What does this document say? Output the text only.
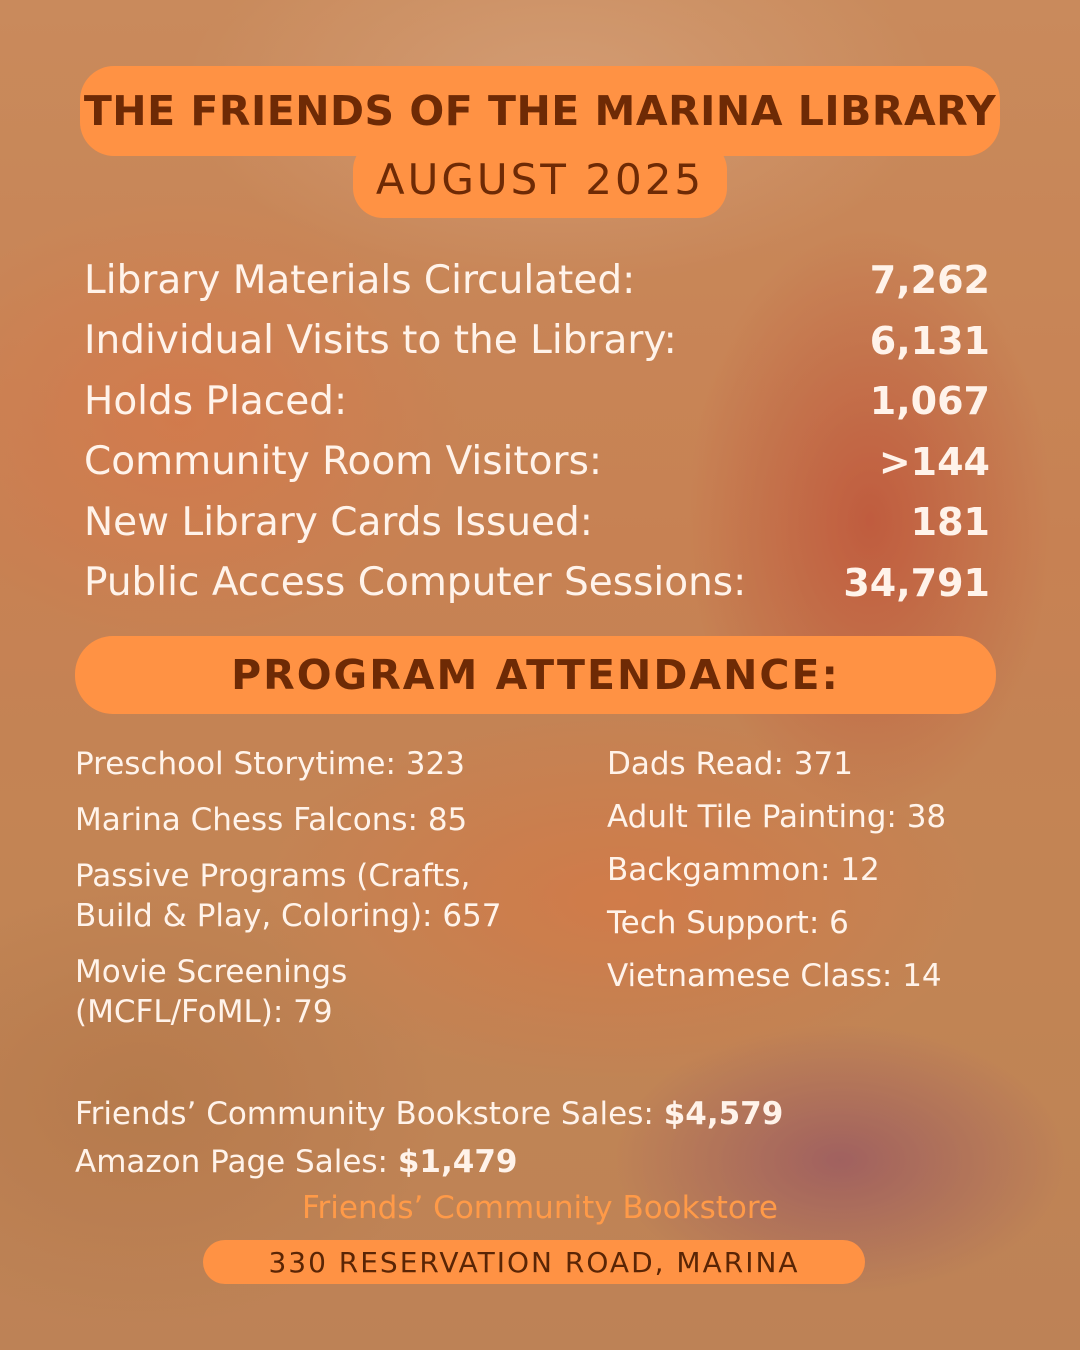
THE FRIENDS OF THE MARINA LIBRARY
AUGUST 2025
Library Materials Circulated:	7,262
Individual Visits to the Library:	6,131
Holds Placed:	1,067
Community Room Visitors:	>144
New Library Cards Issued:	181
Public Access Computer Sessions:	34,791
PROGRAM ATTENDANCE:
Preschool Storytime: 323
Marina Chess Falcons: 85
Passive Programs (Crafts, Build & Play, Coloring): 657
Movie Screenings (MCFL/FoML): 79
Dads Read: 371
Adult Tile Painting: 38
Backgammon: 12
Tech Support: 6
Vietnamese Class: 14
Friends’ Community Bookstore Sales: $4,579
Amazon Page Sales: $1,479
Friends’ Community Bookstore
330 RESERVATION ROAD, MARINA
